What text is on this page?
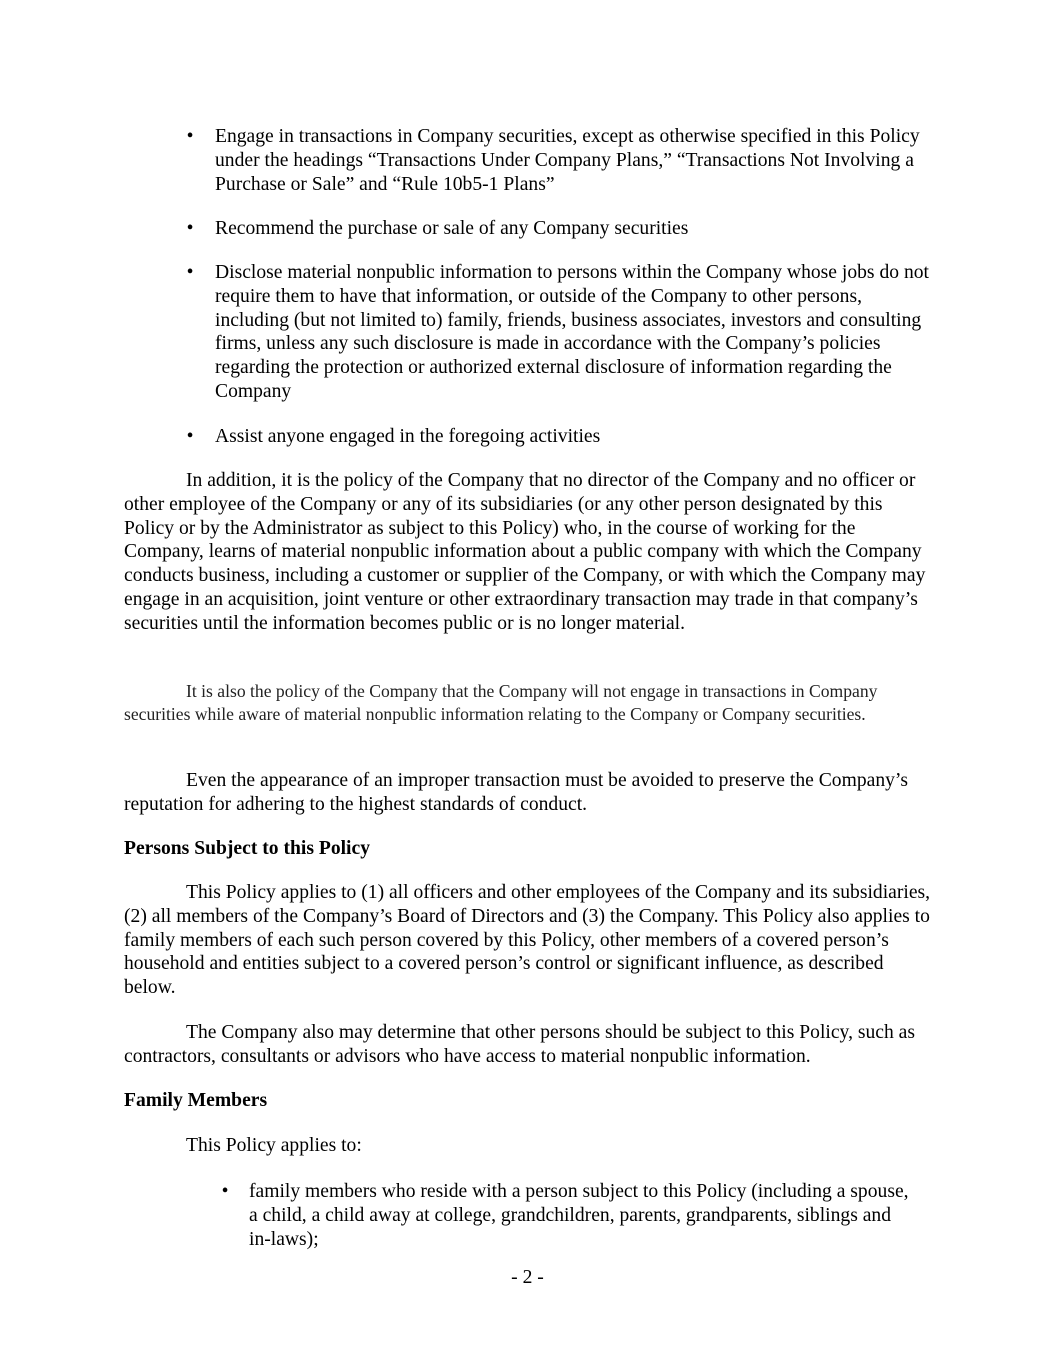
• Engage in transactions in Company securities, except as otherwise specified in this Policy under the headings “Transactions Under Company Plans,” “Transactions Not Involving a Purchase or Sale” and “Rule 10b5-1 Plans”
• Recommend the purchase or sale of any Company securities
• Disclose material nonpublic information to persons within the Company whose jobs do not require them to have that information, or outside of the Company to other persons, including (but not limited to) family, friends, business associates, investors and consulting firms, unless any such disclosure is made in accordance with the Company’s policies regarding the protection or authorized external disclosure of information regarding the Company
• Assist anyone engaged in the foregoing activities

In addition, it is the policy of the Company that no director of the Company and no officer or other employee of the Company or any of its subsidiaries (or any other person designated by this Policy or by the Administrator as subject to this Policy) who, in the course of working for the Company, learns of material nonpublic information about a public company with which the Company conducts business, including a customer or supplier of the Company, or with which the Company may engage in an acquisition, joint venture or other extraordinary transaction may trade in that company’s securities until the information becomes public or is no longer material.

It is also the policy of the Company that the Company will not engage in transactions in Company securities while aware of material nonpublic information relating to the Company or Company securities.

Even the appearance of an improper transaction must be avoided to preserve the Company’s reputation for adhering to the highest standards of conduct.

Persons Subject to this Policy

This Policy applies to (1) all officers and other employees of the Company and its subsidiaries, (2) all members of the Company’s Board of Directors and (3) the Company. This Policy also applies to family members of each such person covered by this Policy, other members of a covered person’s household and entities subject to a covered person’s control or significant influence, as described below.

The Company also may determine that other persons should be subject to this Policy, such as contractors, consultants or advisors who have access to material nonpublic information.

Family Members

This Policy applies to:

• family members who reside with a person subject to this Policy (including a spouse, a child, a child away at college, grandchildren, parents, grandparents, siblings and in-laws);

- 2 -
